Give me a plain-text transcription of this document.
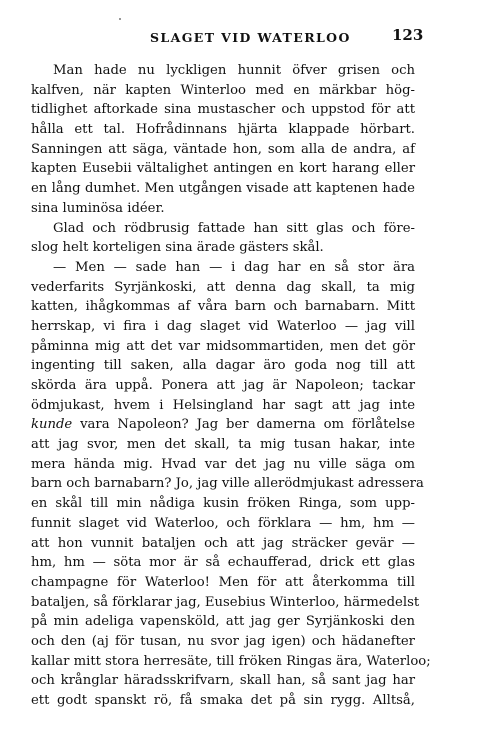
SLAGET VID WATERLOO	123
Man hade nu lyckligen hunnit öfver grisen och
kalfven, när kapten Winterloo med en märkbar hög-
tidlighet aftorkade sina mustascher och uppstod för att
hålla ett tal. Hofrådinnans hjärta klappade hörbart.
Sanningen att säga, väntade hon, som alla de andra, af
kapten Eusebii vältalighet antingen en kort harang eller
en lång dumhet. Men utgången visade att kaptenen hade
sina luminösa idéer.
Glad och rödbrusig fattade han sitt glas och före-
slog helt korteligen sina ärade gästers skål.
— Men — sade han — i dag har en så stor ära
vederfarits Syrjänkoski, att denna dag skall, ta mig
katten, ihågkommas af våra barn och barnabarn. Mitt
herrskap, vi fira i dag slaget vid Waterloo — jag vill
påminna mig att det var midsommartiden, men det gör
ingenting till saken, alla dagar äro goda nog till att
skörda ära uppå. Ponera att jag är Napoleon; tackar
ödmjukast, hvem i Helsingland har sagt att jag inte
kunde vara Napoleon? Jag ber damerna om förlåtelse
att jag svor, men det skall, ta mig tusan hakar, inte
mera hända mig. Hvad var det jag nu ville säga om
barn och barnabarn? Jo, jag ville allerödmjukast adressera
en skål till min nådiga kusin fröken Ringa, som upp-
funnit slaget vid Waterloo, och förklara — hm, hm —
att hon vunnit bataljen och att jag sträcker gevär —
hm, hm — söta mor är så echaufferad, drick ett glas
champagne för Waterloo! Men för att återkomma till
bataljen, så förklarar jag, Eusebius Winterloo, härmedelst
på min adeliga vapensköld, att jag ger Syrjänkoski den
och den (aj för tusan, nu svor jag igen) och hädanefter
kallar mitt stora herresäte, till fröken Ringas ära, Waterloo;
och krånglar häradsskrifvarn, skall han, så sant jag har
ett godt spanskt rö, få smaka det på sin rygg. Alltså,
